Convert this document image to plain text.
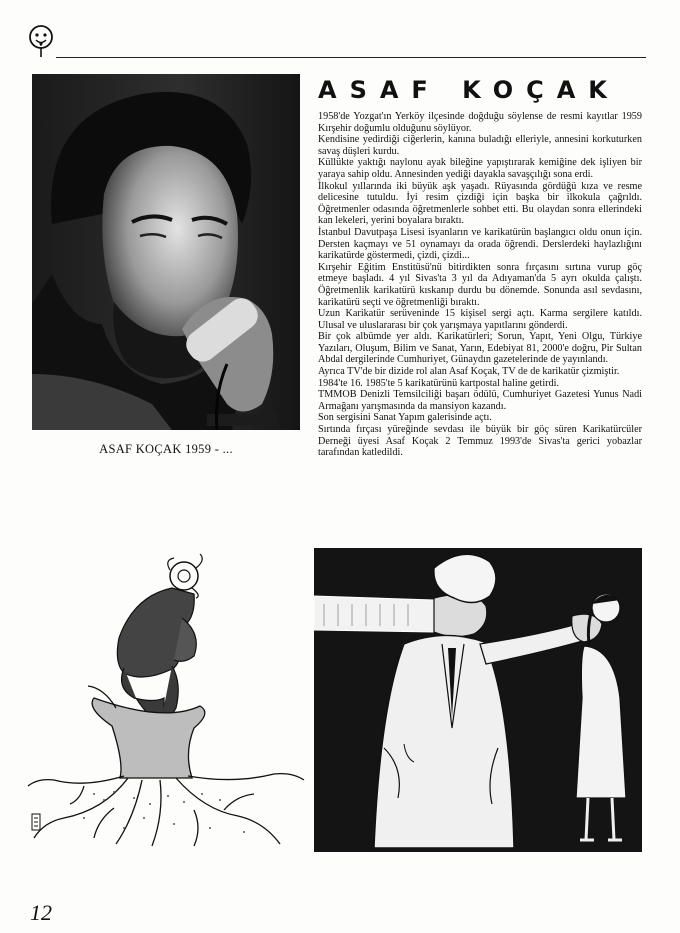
ASAF KOÇAK 1959 - ...
ASAF KOÇAK

1958'de Yozgat'ın Yerköy ilçesinde doğduğu söylense de resmi kayıtlar 1959 Kırşehir doğumlu olduğunu söylüyor.

Kendisine yedirdiği ciğerlerin, kanına buladığı elleriyle, annesini korkuturken savaş düşleri kurdu.

Küllükte yaktığı naylonu ayak bileğine yapıştırarak kemiğine dek işliyen bir yaraya sahip oldu. Annesinden yediği dayakla savaşçılığı sona erdi.

İlkokul yıllarında iki büyük aşk yaşadı. Rüyasında gördüğü kıza ve resme delicesine tutuldu. İyi resim çizdiği için başka bir ilkokula çağrıldı. Öğretmenler odasında öğretmenlerle sohbet etti. Bu olaydan sonra ellerindeki kan lekeleri, yerini boyalara bıraktı.

İstanbul Davutpaşa Lisesi isyanların ve karikatürün başlangıcı oldu onun için. Dersten kaçmayı ve 51 oynamayı da orada öğrendi. Derslerdeki haylazlığını karikatürde göstermedi, çizdi, çizdi...

Kırşehir Eğitim Enstitüsü'nü bitirdikten sonra fırçasını sırtına vurup göç etmeye başladı. 4 yıl Sivas'ta 3 yıl da Adıyaman'da 5 ayrı okulda çalıştı. Öğretmenlik karikatürü kıskanıp durdu bu dönemde. Sonunda asıl sevdasını, karikatürü seçti ve öğretmenliği bıraktı.

Uzun Karikatür serüveninde 15 kişisel sergi açtı. Karma sergilere katıldı. Ulusal ve uluslararası bir çok yarışmaya yapıtlarını gönderdi.

Bir çok albümde yer aldı. Karikatürleri; Sorun, Yapıt, Yeni Olgu, Türkiye Yazıları, Oluşum, Bilim ve Sanat, Yarın, Edebiyat 81, 2000'e doğru, Pir Sultan Abdal dergilerinde Cumhuriyet, Günaydın gazetelerinde de yayınlandı.

Ayrıca TV'de bir dizide rol alan Asaf Koçak, TV de de karikatür çizmiştir.

1984'te 16. 1985'te 5 karikatürünü kartpostal haline getirdi.

TMMOB Denizli Temsilciliği başarı ödülü, Cumhuriyet Gazetesi Yunus Nadi Armağanı yarışmasında da mansiyon kazandı.

Son sergisini Sanat Yapım galerisinde açtı.

Sırtında fırçası yüreğinde sevdası ile büyük bir göç süren Karikatürcüler Derneği üyesi Asaf Koçak 2 Temmuz 1993'de Sivas'ta gerici yobazlar tarafından katledildi.

12
